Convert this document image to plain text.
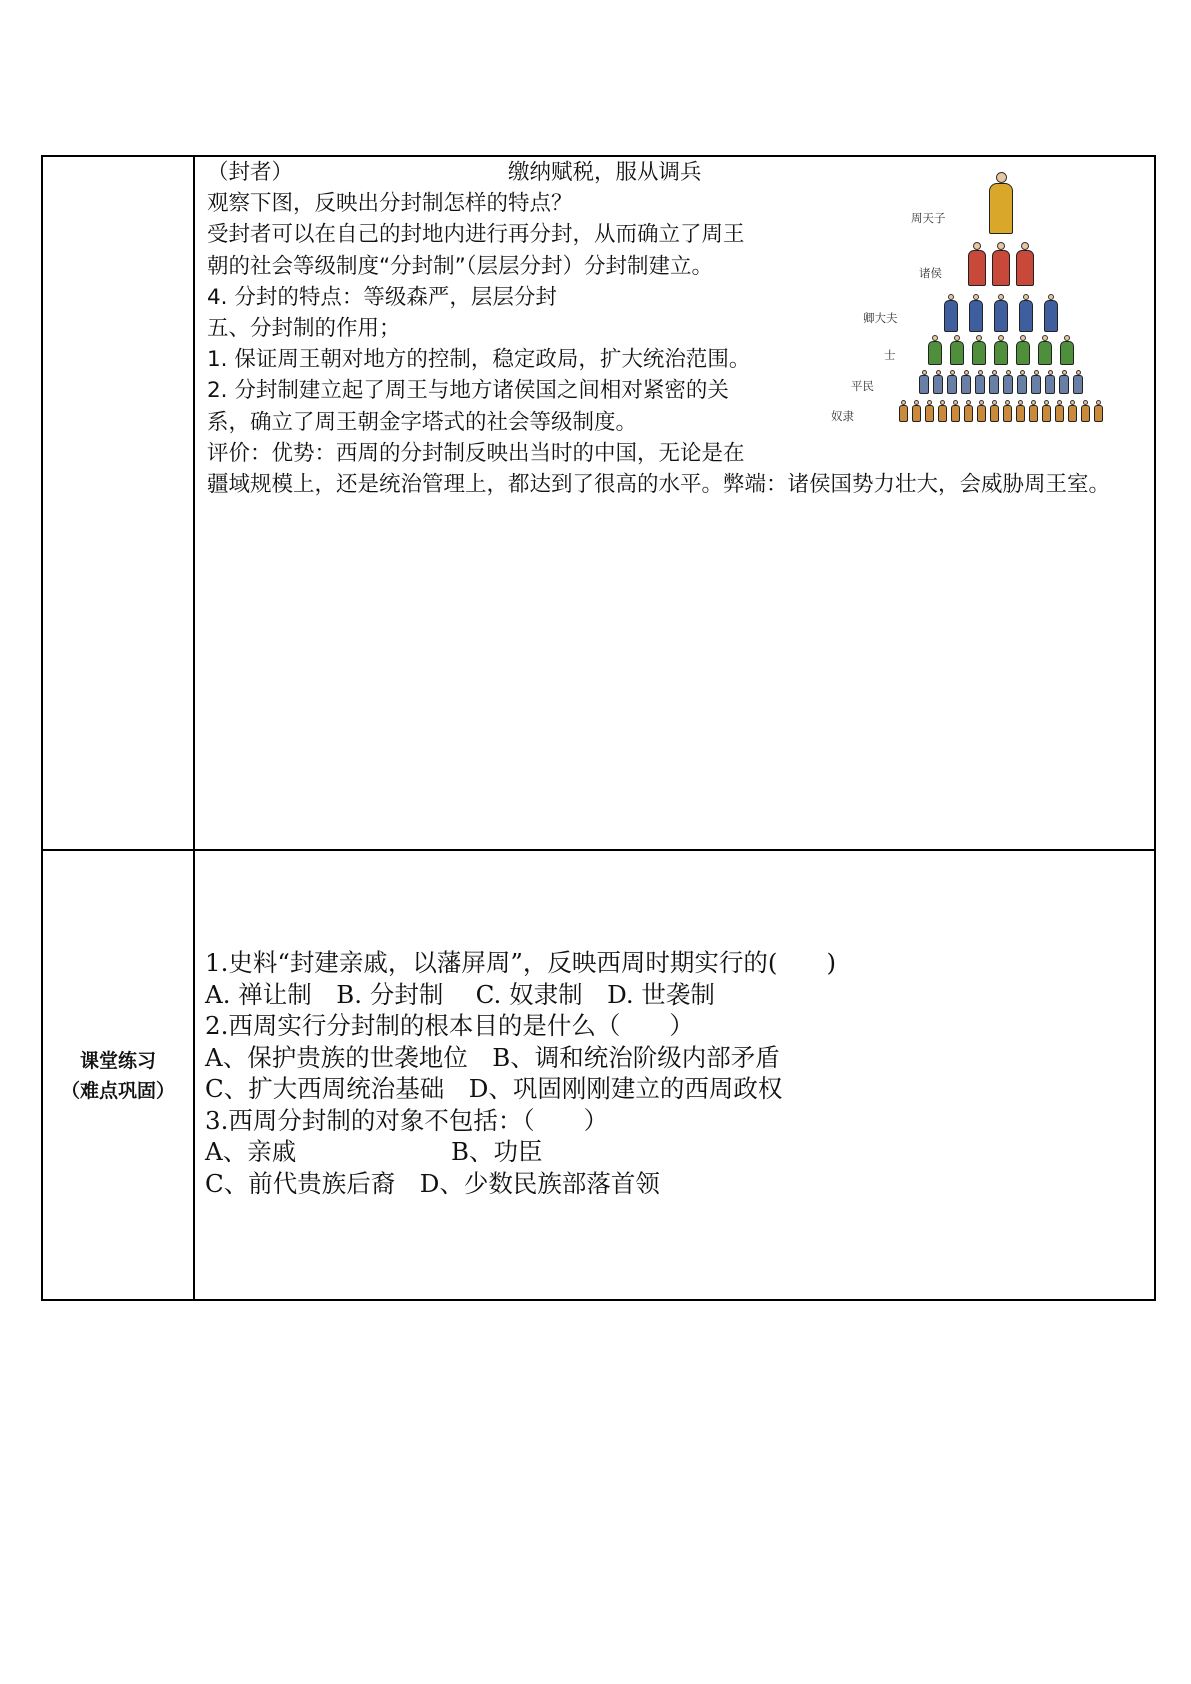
（封者）	缴纳赋税，服从调兵

观察下图，反映出分封制怎样的特点？

受封者可以在自己的封地内进行再分封，从而确立了周王

朝的社会等级制度“分封制”（层层分封）分封制建立。

4. 分封的特点：等级森严，层层分封

五、分封制的作用；

1. 保证周王朝对地方的控制，稳定政局，扩大统治范围。

2. 分封制建立起了周王与地方诸侯国之间相对紧密的关

系，确立了周王朝金字塔式的社会等级制度。

评价：优势：西周的分封制反映出当时的中国，无论是在

疆域规模上，还是统治管理上，都达到了很高的水平。弊端：诸侯国势力壮大，会威胁周王室。

周天子
诸侯
卿大夫
士
平民
奴隶
课堂练习
（难点巩固）

1.史料“封建亲戚，以藩屏周”，反映西周时期实行的(　　)

A. 禅让制　B. 分封制　 C. 奴隶制　D. 世袭制

2.西周实行分封制的根本目的是什么（　　）

A、保护贵族的世袭地位　B、调和统治阶级内部矛盾

C、扩大西周统治基础　D、巩固刚刚建立的西周政权

3.西周分封制的对象不包括：（　　）

A、亲戚　　　　　　 B、功臣

C、前代贵族后裔　D、少数民族部落首领
